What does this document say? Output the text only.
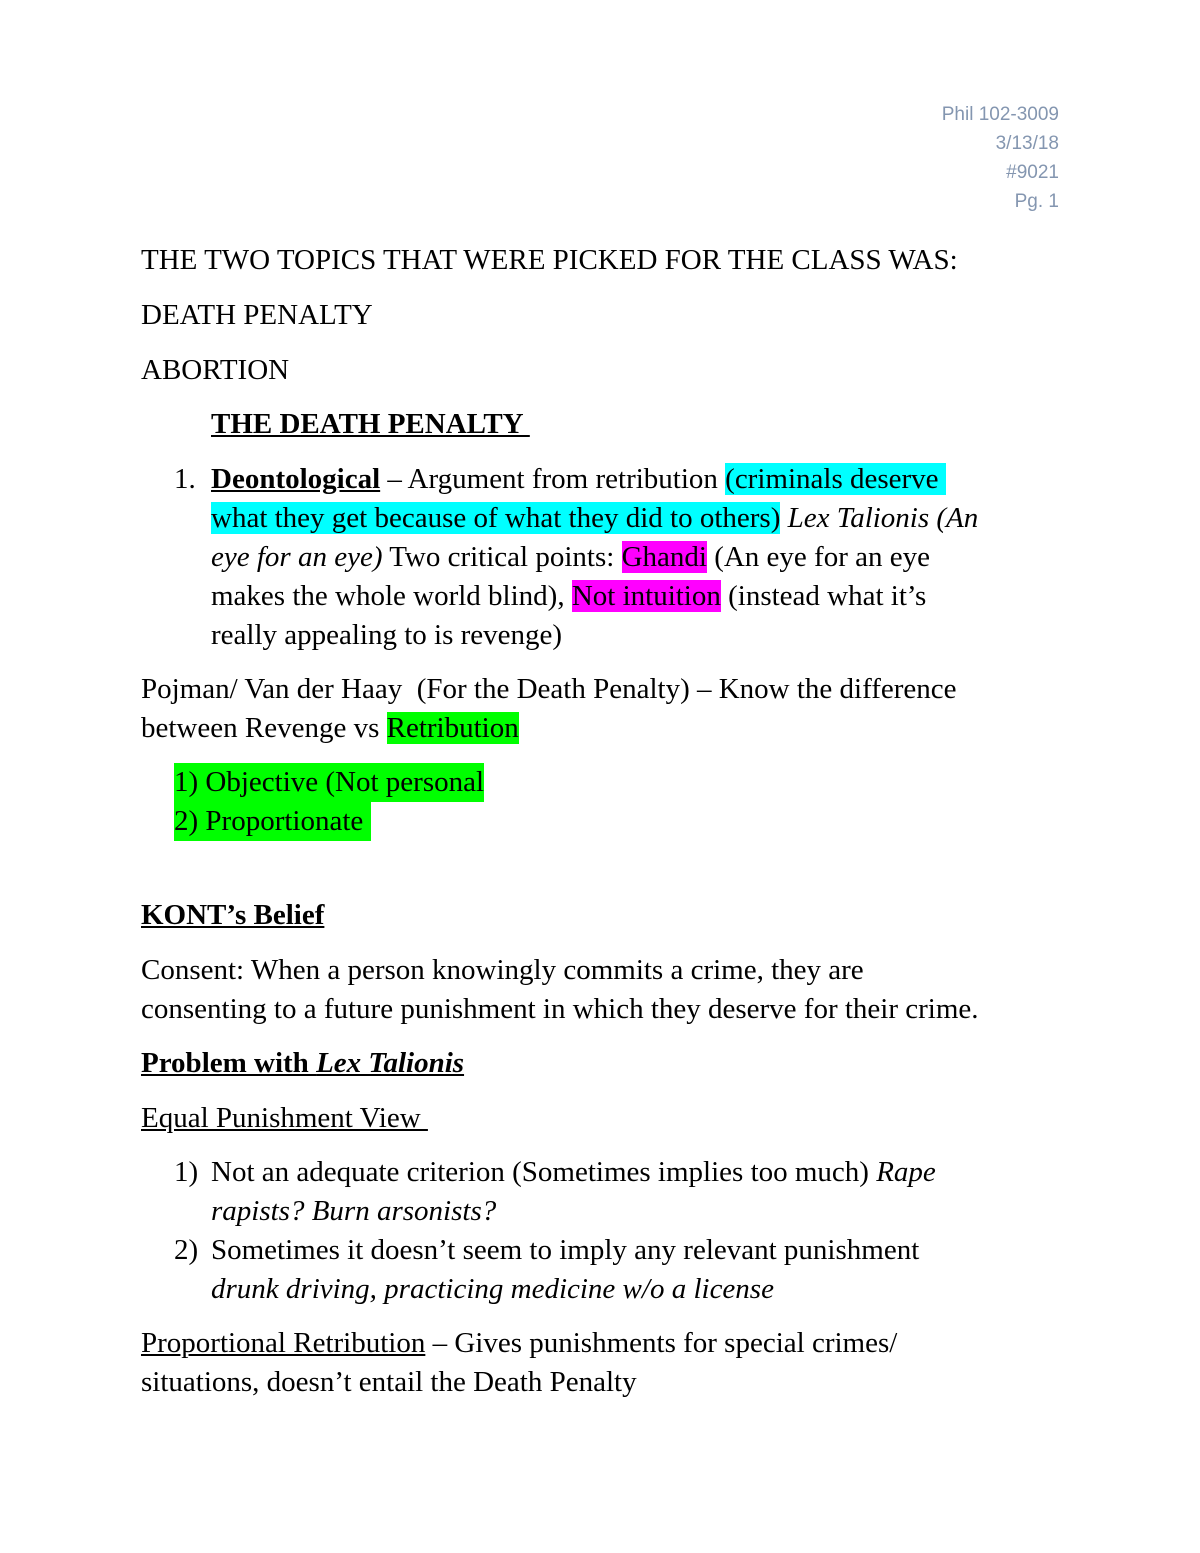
Phil 102-3009
3/13/18
#9021
Pg. 1
THE TWO TOPICS THAT WERE PICKED FOR THE CLASS WAS:
DEATH PENALTY
ABORTION
THE DEATH PENALTY
1. Deontological – Argument from retribution (criminals deserve
what they get because of what they did to others) Lex Talionis (An
eye for an eye) Two critical points: Ghandi (An eye for an eye
makes the whole world blind), Not intuition (instead what it’s
really appealing to is revenge)
Pojman/ Van der Haay  (For the Death Penalty) – Know the difference
between Revenge vs Retribution
1) Objective (Not personal
2) Proportionate
KONT’s Belief
Consent: When a person knowingly commits a crime, they are
consenting to a future punishment in which they deserve for their crime.
Problem with Lex Talionis
Equal Punishment View
1) Not an adequate criterion (Sometimes implies too much) Rape
rapists? Burn arsonists?
2) Sometimes it doesn’t seem to imply any relevant punishment
drunk driving, practicing medicine w/o a license
Proportional Retribution – Gives punishments for special crimes/
situations, doesn’t entail the Death Penalty
